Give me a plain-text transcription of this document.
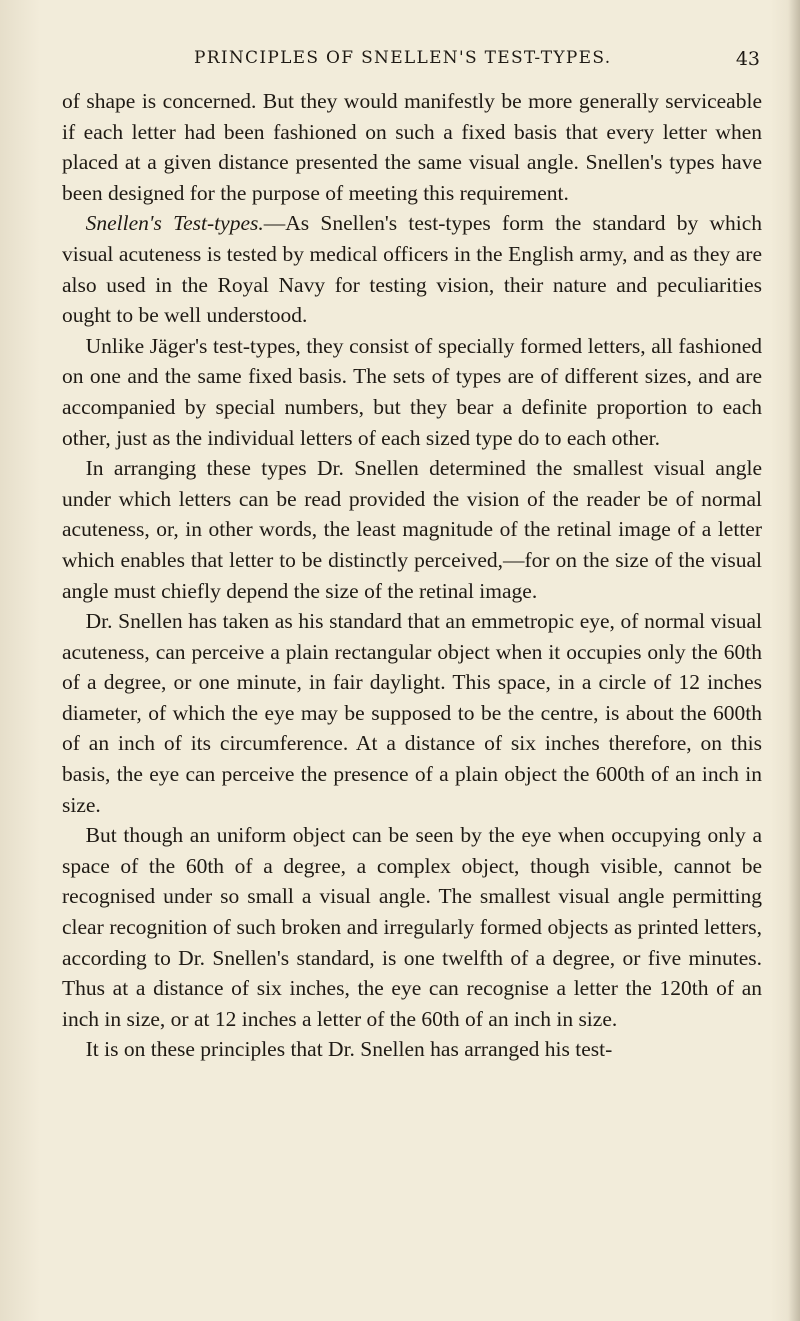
PRINCIPLES OF SNELLEN'S TEST-TYPES.	43

of shape is concerned. But they would manifestly be more generally serviceable if each letter had been fashioned on such a fixed basis that every letter when placed at a given distance presented the same visual angle. Snellen's types have been designed for the purpose of meeting this requirement.

Snellen's Test-types.—As Snellen's test-types form the standard by which visual acuteness is tested by medical officers in the English army, and as they are also used in the Royal Navy for testing vision, their nature and peculiarities ought to be well understood.

Unlike Jäger's test-types, they consist of specially formed letters, all fashioned on one and the same fixed basis. The sets of types are of different sizes, and are accompanied by special numbers, but they bear a definite proportion to each other, just as the individual letters of each sized type do to each other.

In arranging these types Dr. Snellen determined the smallest visual angle under which letters can be read provided the vision of the reader be of normal acuteness, or, in other words, the least magnitude of the retinal image of a letter which enables that letter to be distinctly perceived,—for on the size of the visual angle must chiefly depend the size of the retinal image.

Dr. Snellen has taken as his standard that an emmetropic eye, of normal visual acuteness, can perceive a plain rectangular object when it occupies only the 60th of a degree, or one minute, in fair daylight. This space, in a circle of 12 inches diameter, of which the eye may be supposed to be the centre, is about the 600th of an inch of its circumference. At a distance of six inches therefore, on this basis, the eye can perceive the presence of a plain object the 600th of an inch in size.

But though an uniform object can be seen by the eye when occupying only a space of the 60th of a degree, a complex object, though visible, cannot be recognised under so small a visual angle. The smallest visual angle permitting clear recognition of such broken and irregularly formed objects as printed letters, according to Dr. Snellen's standard, is one twelfth of a degree, or five minutes. Thus at a distance of six inches, the eye can recognise a letter the 120th of an inch in size, or at 12 inches a letter of the 60th of an inch in size.

It is on these principles that Dr. Snellen has arranged his test-
